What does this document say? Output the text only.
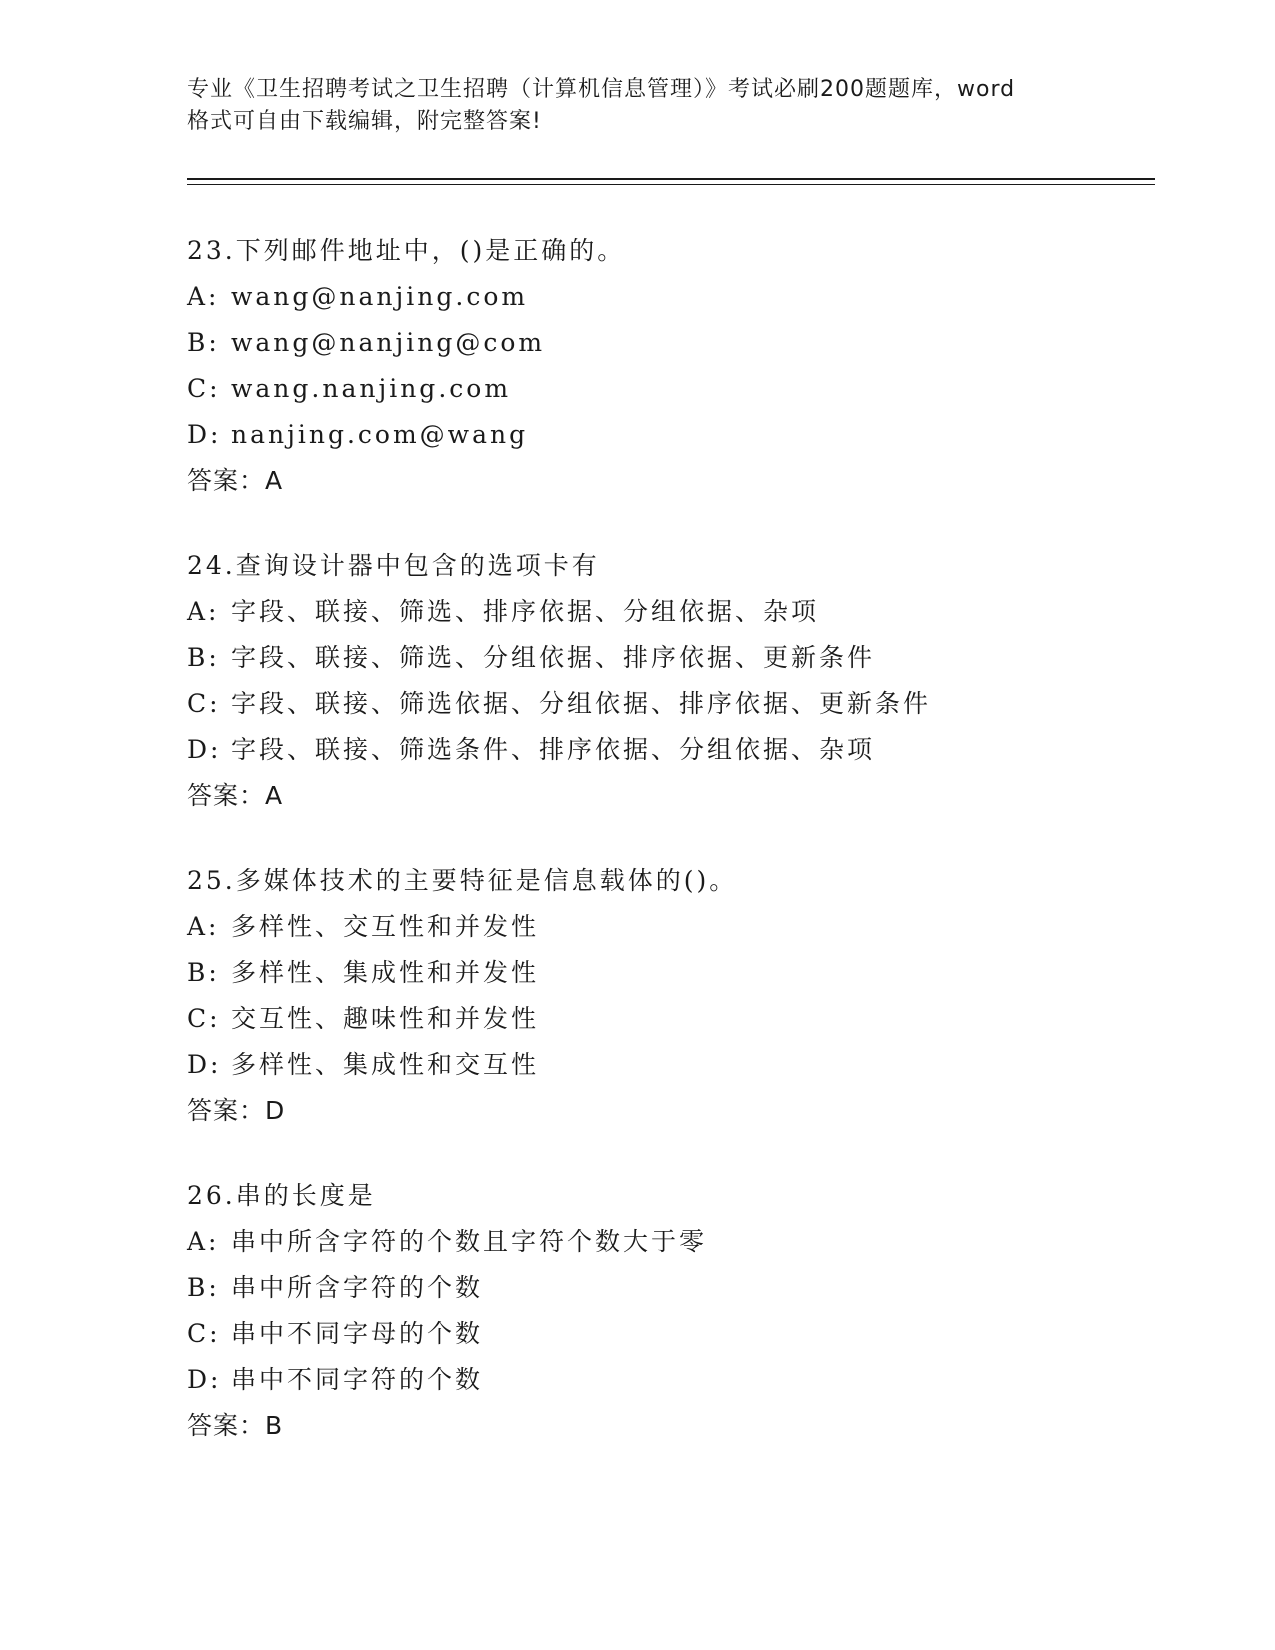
专业《卫生招聘考试之卫生招聘（计算机信息管理）》考试必刷200题题库，word
格式可自由下载编辑，附完整答案!
23.下列邮件地址中，()是正确的。
A: wang@nanjing.com
B: wang@nanjing@com
C: wang.nanjing.com
D: nanjing.com@wang
答案：A
24.查询设计器中包含的选项卡有
A: 字段、联接、筛选、排序依据、分组依据、杂项
B: 字段、联接、筛选、分组依据、排序依据、更新条件
C: 字段、联接、筛选依据、分组依据、排序依据、更新条件
D: 字段、联接、筛选条件、排序依据、分组依据、杂项
答案：A
25.多媒体技术的主要特征是信息载体的()。
A: 多样性、交互性和并发性
B: 多样性、集成性和并发性
C: 交互性、趣味性和并发性
D: 多样性、集成性和交互性
答案：D
26.串的长度是
A: 串中所含字符的个数且字符个数大于零
B: 串中所含字符的个数
C: 串中不同字母的个数
D: 串中不同字符的个数
答案：B
